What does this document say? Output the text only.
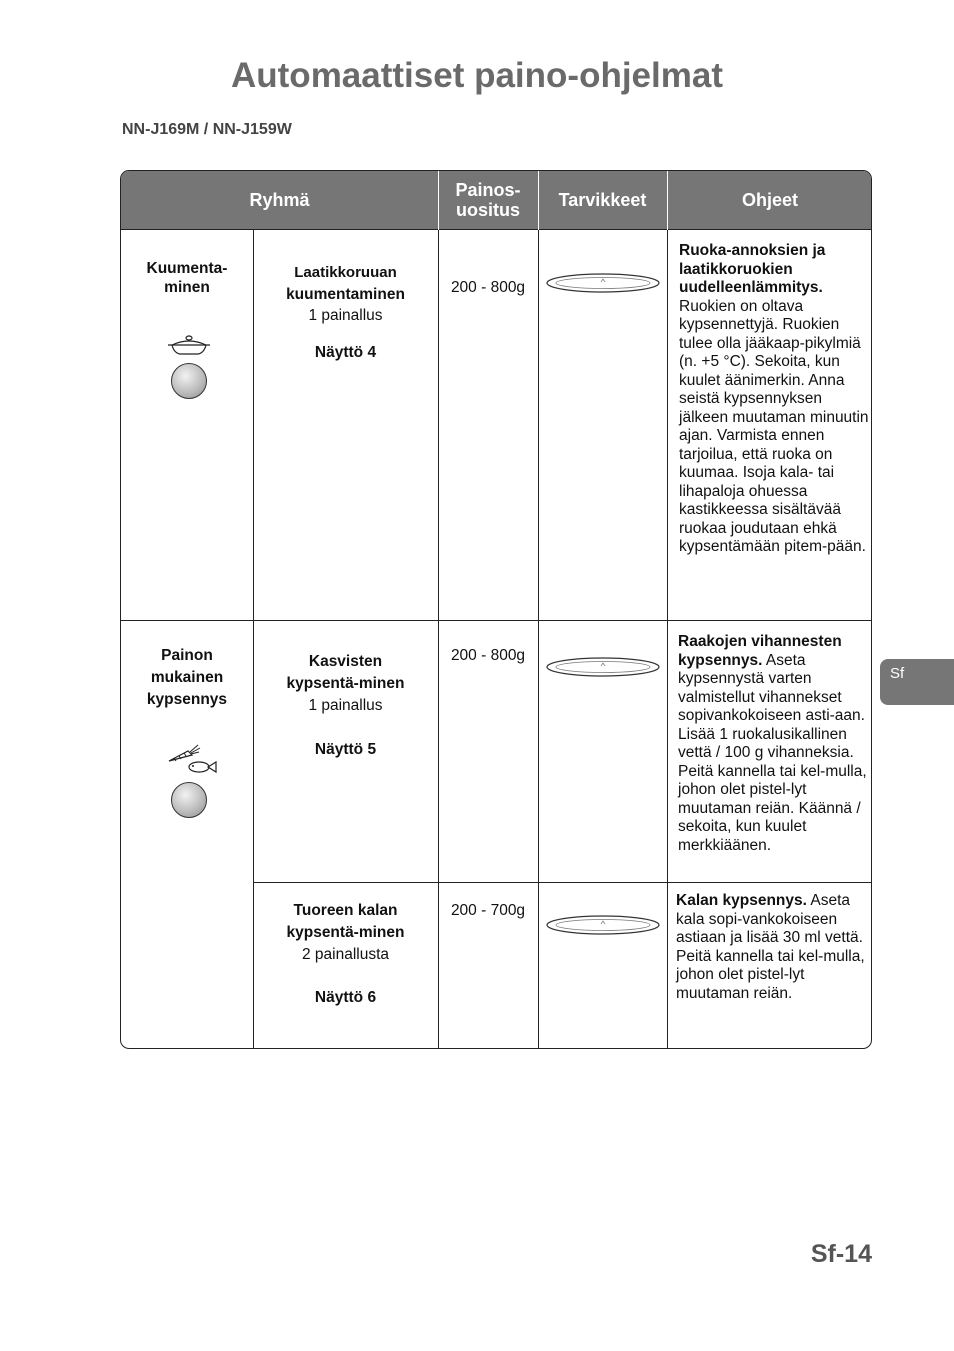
Automaattiset paino-ohjelmat
NN-J169M / NN-J159W
Ryhmä	Painos-
uositus Tarvikkeet	Ohjeet
Kuumenta-
minen
Painon
mukainen
kypsennys
Laatikkoruuan
kuumentaminen
1 painallus
Näyttö 4
200 - 800g
Ruoka-annoksien ja laatikkoruokien uudelleenlämmitys. Ruokien on oltava kypsennettyjä. Ruokien tulee olla jääkaap-pikylmiä (n. +5 °C). Sekoita, kun kuulet äänimerkin. Anna seistä kypsennyksen jälkeen muutaman minuutin ajan. Varmista ennen tarjoilua, että ruoka on kuumaa. Isoja kala- tai lihapaloja ohuessa kastikkeessa sisältävää ruokaa joudutaan ehkä kypsentämään pitem-pään.
Kasvisten
kypsentä-minen
1 painallus
Näyttö 5
200 - 800g
Raakojen vihannesten kypsennys. Aseta kypsennystä varten valmistellut vihannekset sopivankokoiseen asti-aan. Lisää 1 ruokalusikallinen vettä / 100 g vihanneksia. Peitä kannella tai kel-mulla, johon olet pistel-lyt muutaman reiän. Käännä / sekoita, kun kuulet merkkiäänen.
Tuoreen kalan
kypsentä-minen
2 painallusta
Näyttö 6
200 - 700g
Kalan kypsennys. Aseta kala sopi-vankokoiseen astiaan ja lisää 30 ml vettä. Peitä kannella tai kel-mulla, johon olet pistel-lyt muutaman reiän.
Sf
Sf-14
